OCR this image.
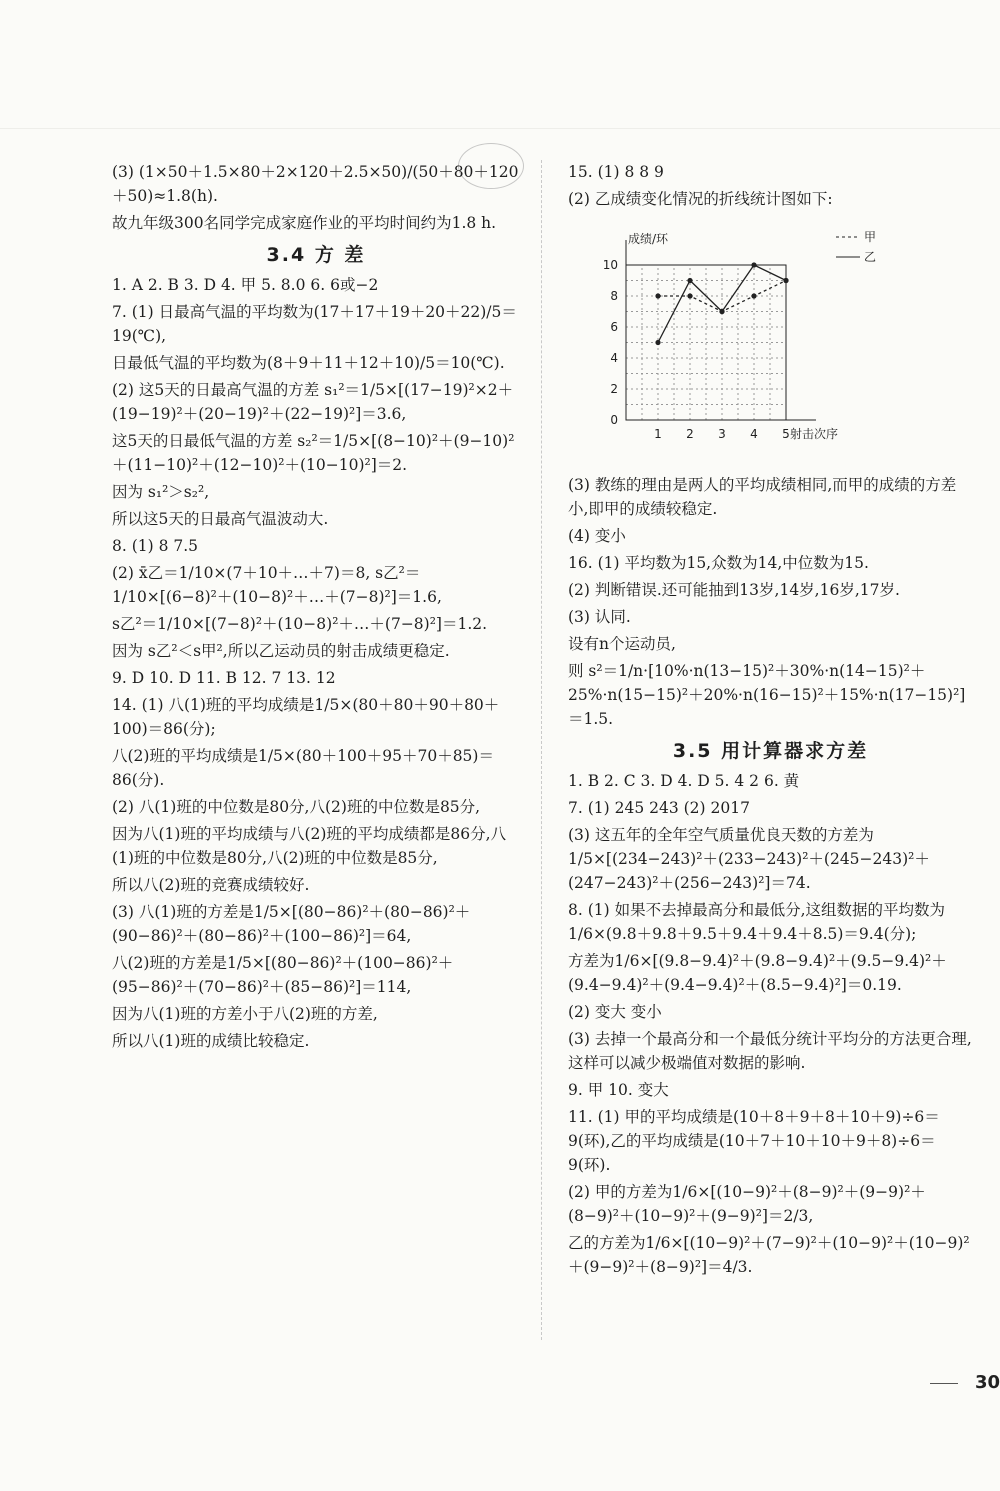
(3) (1×50＋1.5×80＋2×120＋2.5×50)/(50＋80＋120＋50)≈1.8(h).
故九年级300名同学完成家庭作业的平均时间约为1.8 h.
3.4 方 差
1. A 2. B 3. D 4. 甲 5. 8.0 6. 6或−2
7. (1) 日最高气温的平均数为(17＋17＋19＋20＋22)/5＝19(℃),
日最低气温的平均数为(8＋9＋11＋12＋10)/5＝10(℃).
(2) 这5天的日最高气温的方差 s₁²＝1/5×[(17−19)²×2＋(19−19)²＋(20−19)²＋(22−19)²]＝3.6,
这5天的日最低气温的方差 s₂²＝1/5×[(8−10)²＋(9−10)²＋(11−10)²＋(12−10)²＋(10−10)²]＝2.
因为 s₁²＞s₂²,
所以这5天的日最高气温波动大.
8. (1) 8 7.5
(2) x̄乙＝1/10×(7＋10＋…＋7)＝8, s乙²＝1/10×[(6−8)²＋(10−8)²＋…＋(7−8)²]＝1.6,
s乙²＝1/10×[(7−8)²＋(10−8)²＋…＋(7−8)²]＝1.2.
因为 s乙²＜s甲²,所以乙运动员的射击成绩更稳定.
9. D 10. D 11. B 12. 7 13. 12
14. (1) 八(1)班的平均成绩是1/5×(80＋80＋90＋80＋100)＝86(分);
八(2)班的平均成绩是1/5×(80＋100＋95＋70＋85)＝86(分).
(2) 八(1)班的中位数是80分,八(2)班的中位数是85分,
因为八(1)班的平均成绩与八(2)班的平均成绩都是86分,八(1)班的中位数是80分,八(2)班的中位数是85分,
所以八(2)班的竞赛成绩较好.
(3) 八(1)班的方差是1/5×[(80−86)²＋(80−86)²＋(90−86)²＋(80−86)²＋(100−86)²]＝64,
八(2)班的方差是1/5×[(80−86)²＋(100−86)²＋(95−86)²＋(70−86)²＋(85−86)²]＝114,
因为八(1)班的方差小于八(2)班的方差,
所以八(1)班的成绩比较稳定.
15. (1) 8 8 9
(2) 乙成绩变化情况的折线统计图如下:
0
2
4
6
8
10
1 2 3 4 5
成绩/环
射击次序
甲
乙
(3) 教练的理由是两人的平均成绩相同,而甲的成绩的方差小,即甲的成绩较稳定.
(4) 变小
16. (1) 平均数为15,众数为14,中位数为15.
(2) 判断错误.还可能抽到13岁,14岁,16岁,17岁.
(3) 认同.
设有n个运动员,
则 s²＝1/n·[10%·n(13−15)²＋30%·n(14−15)²＋25%·n(15−15)²＋20%·n(16−15)²＋15%·n(17−15)²]＝1.5.
3.5 用计算器求方差
1. B 2. C 3. D 4. D 5. 4 2 6. 黄
7. (1) 245 243 (2) 2017
(3) 这五年的全年空气质量优良天数的方差为1/5×[(234−243)²＋(233−243)²＋(245−243)²＋(247−243)²＋(256−243)²]＝74.
8. (1) 如果不去掉最高分和最低分,这组数据的平均数为1/6×(9.8＋9.8＋9.5＋9.4＋9.4＋8.5)＝9.4(分);
方差为1/6×[(9.8−9.4)²＋(9.8−9.4)²＋(9.5−9.4)²＋(9.4−9.4)²＋(9.4−9.4)²＋(8.5−9.4)²]＝0.19.
(2) 变大 变小
(3) 去掉一个最高分和一个最低分统计平均分的方法更合理,这样可以减少极端值对数据的影响.
9. 甲 10. 变大
11. (1) 甲的平均成绩是(10＋8＋9＋8＋10＋9)÷6＝9(环),乙的平均成绩是(10＋7＋10＋10＋9＋8)÷6＝9(环).
(2) 甲的方差为1/6×[(10−9)²＋(8−9)²＋(9−9)²＋(8−9)²＋(10−9)²＋(9−9)²]＝2/3,
乙的方差为1/6×[(10−9)²＋(7−9)²＋(10−9)²＋(10−9)²＋(9−9)²＋(8−9)²]＝4/3.
30
